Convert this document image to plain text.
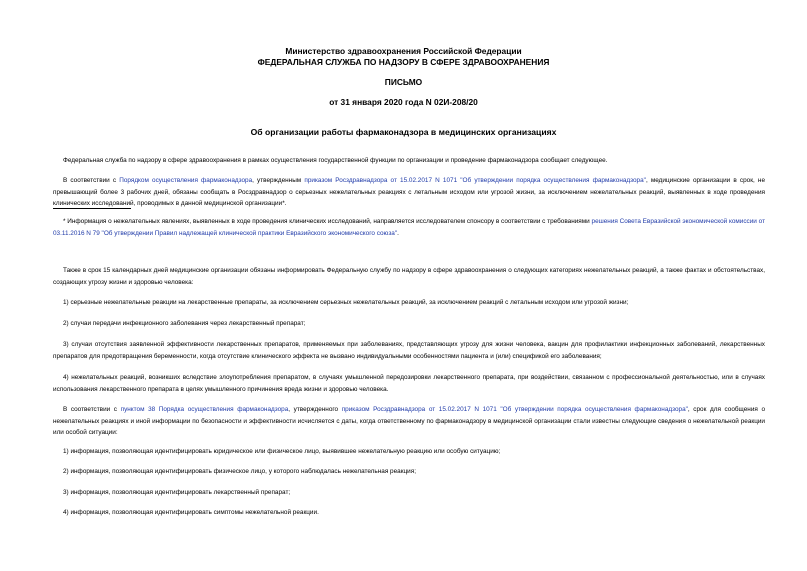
Министерство здравоохранения Российской Федерации
ФЕДЕРАЛЬНАЯ СЛУЖБА ПО НАДЗОРУ В СФЕРЕ ЗДРАВООХРАНЕНИЯ
ПИСЬМО
от 31 января 2020 года N 02И-208/20
Об организации работы фармаконадзора в медицинских организациях
Федеральная служба по надзору в сфере здравоохранения в рамках осуществления государственной функции по организации и проведение фармаконадзора сообщает следующее.
В соответствии с Порядком осуществления фармаконадзора, утвержденным приказом Росздравнадзора от 15.02.2017 N 1071 "Об утверждении порядка осуществления фармаконадзора", медицинские организации в срок, не превышающий более 3 рабочих дней, обязаны сообщать в Росздравнадзор о серьезных нежелательных реакциях с летальным исходом или угрозой жизни, за исключением нежелательных реакций, выявленных в ходе проведения клинических исследований, проводимых в данной медицинской организации*.
* Информация о нежелательных явлениях, выявленных в ходе проведения клинических исследований, направляется исследователем спонсору в соответствии с требованиями решения Совета Евразийской экономической комиссии от 03.11.2016 N 79 "Об утверждении Правил надлежащей клинической практики Евразийского экономического союза".
Также в срок 15 календарных дней медицинские организации обязаны информировать Федеральную службу по надзору в сфере здравоохранения о следующих категориях нежелательных реакций, а также фактах и обстоятельствах, создающих угрозу жизни и здоровью человека:
1) серьезные нежелательные реакции на лекарственные препараты, за исключением серьезных нежелательных реакций, за исключением реакций с летальным исходом или угрозой жизни;
2) случаи передачи инфекционного заболевания через лекарственный препарат;
3) случаи отсутствия заявленной эффективности лекарственных препаратов, применяемых при заболеваниях, представляющих угрозу для жизни человека, вакцин для профилактики инфекционных заболеваний, лекарственных препаратов для предотвращения беременности, когда отсутствие клинического эффекта не вызвано индивидуальными особенностями пациента и (или) спецификой его заболевания;
4) нежелательных реакций, возникших вследствие злоупотребления препаратом, в случаях умышленной передозировки лекарственного препарата, при воздействии, связанном с профессиональной деятельностью, или в случаях использования лекарственного препарата в целях умышленного причинения вреда жизни и здоровью человека.
В соответствии с пунктом 38 Порядка осуществления фармаконадзора, утвержденного приказом Росздравнадзора от 15.02.2017 N 1071 "Об утверждении порядка осуществления фармаконадзора", срок для сообщения о нежелательных реакциях и иной информации по безопасности и эффективности исчисляется с даты, когда ответственному по фармаконадзору в медицинской организации стали известны следующие сведения о нежелательной реакции или особой ситуации:
1) информация, позволяющая идентифицировать юридическое или физическое лицо, выявившее нежелательную реакцию или особую ситуацию;
2) информация, позволяющая идентифицировать физическое лицо, у которого наблюдалась нежелательная реакция;
3) информация, позволяющая идентифицировать лекарственный препарат;
4) информация, позволяющая идентифицировать симптомы нежелательной реакции.
